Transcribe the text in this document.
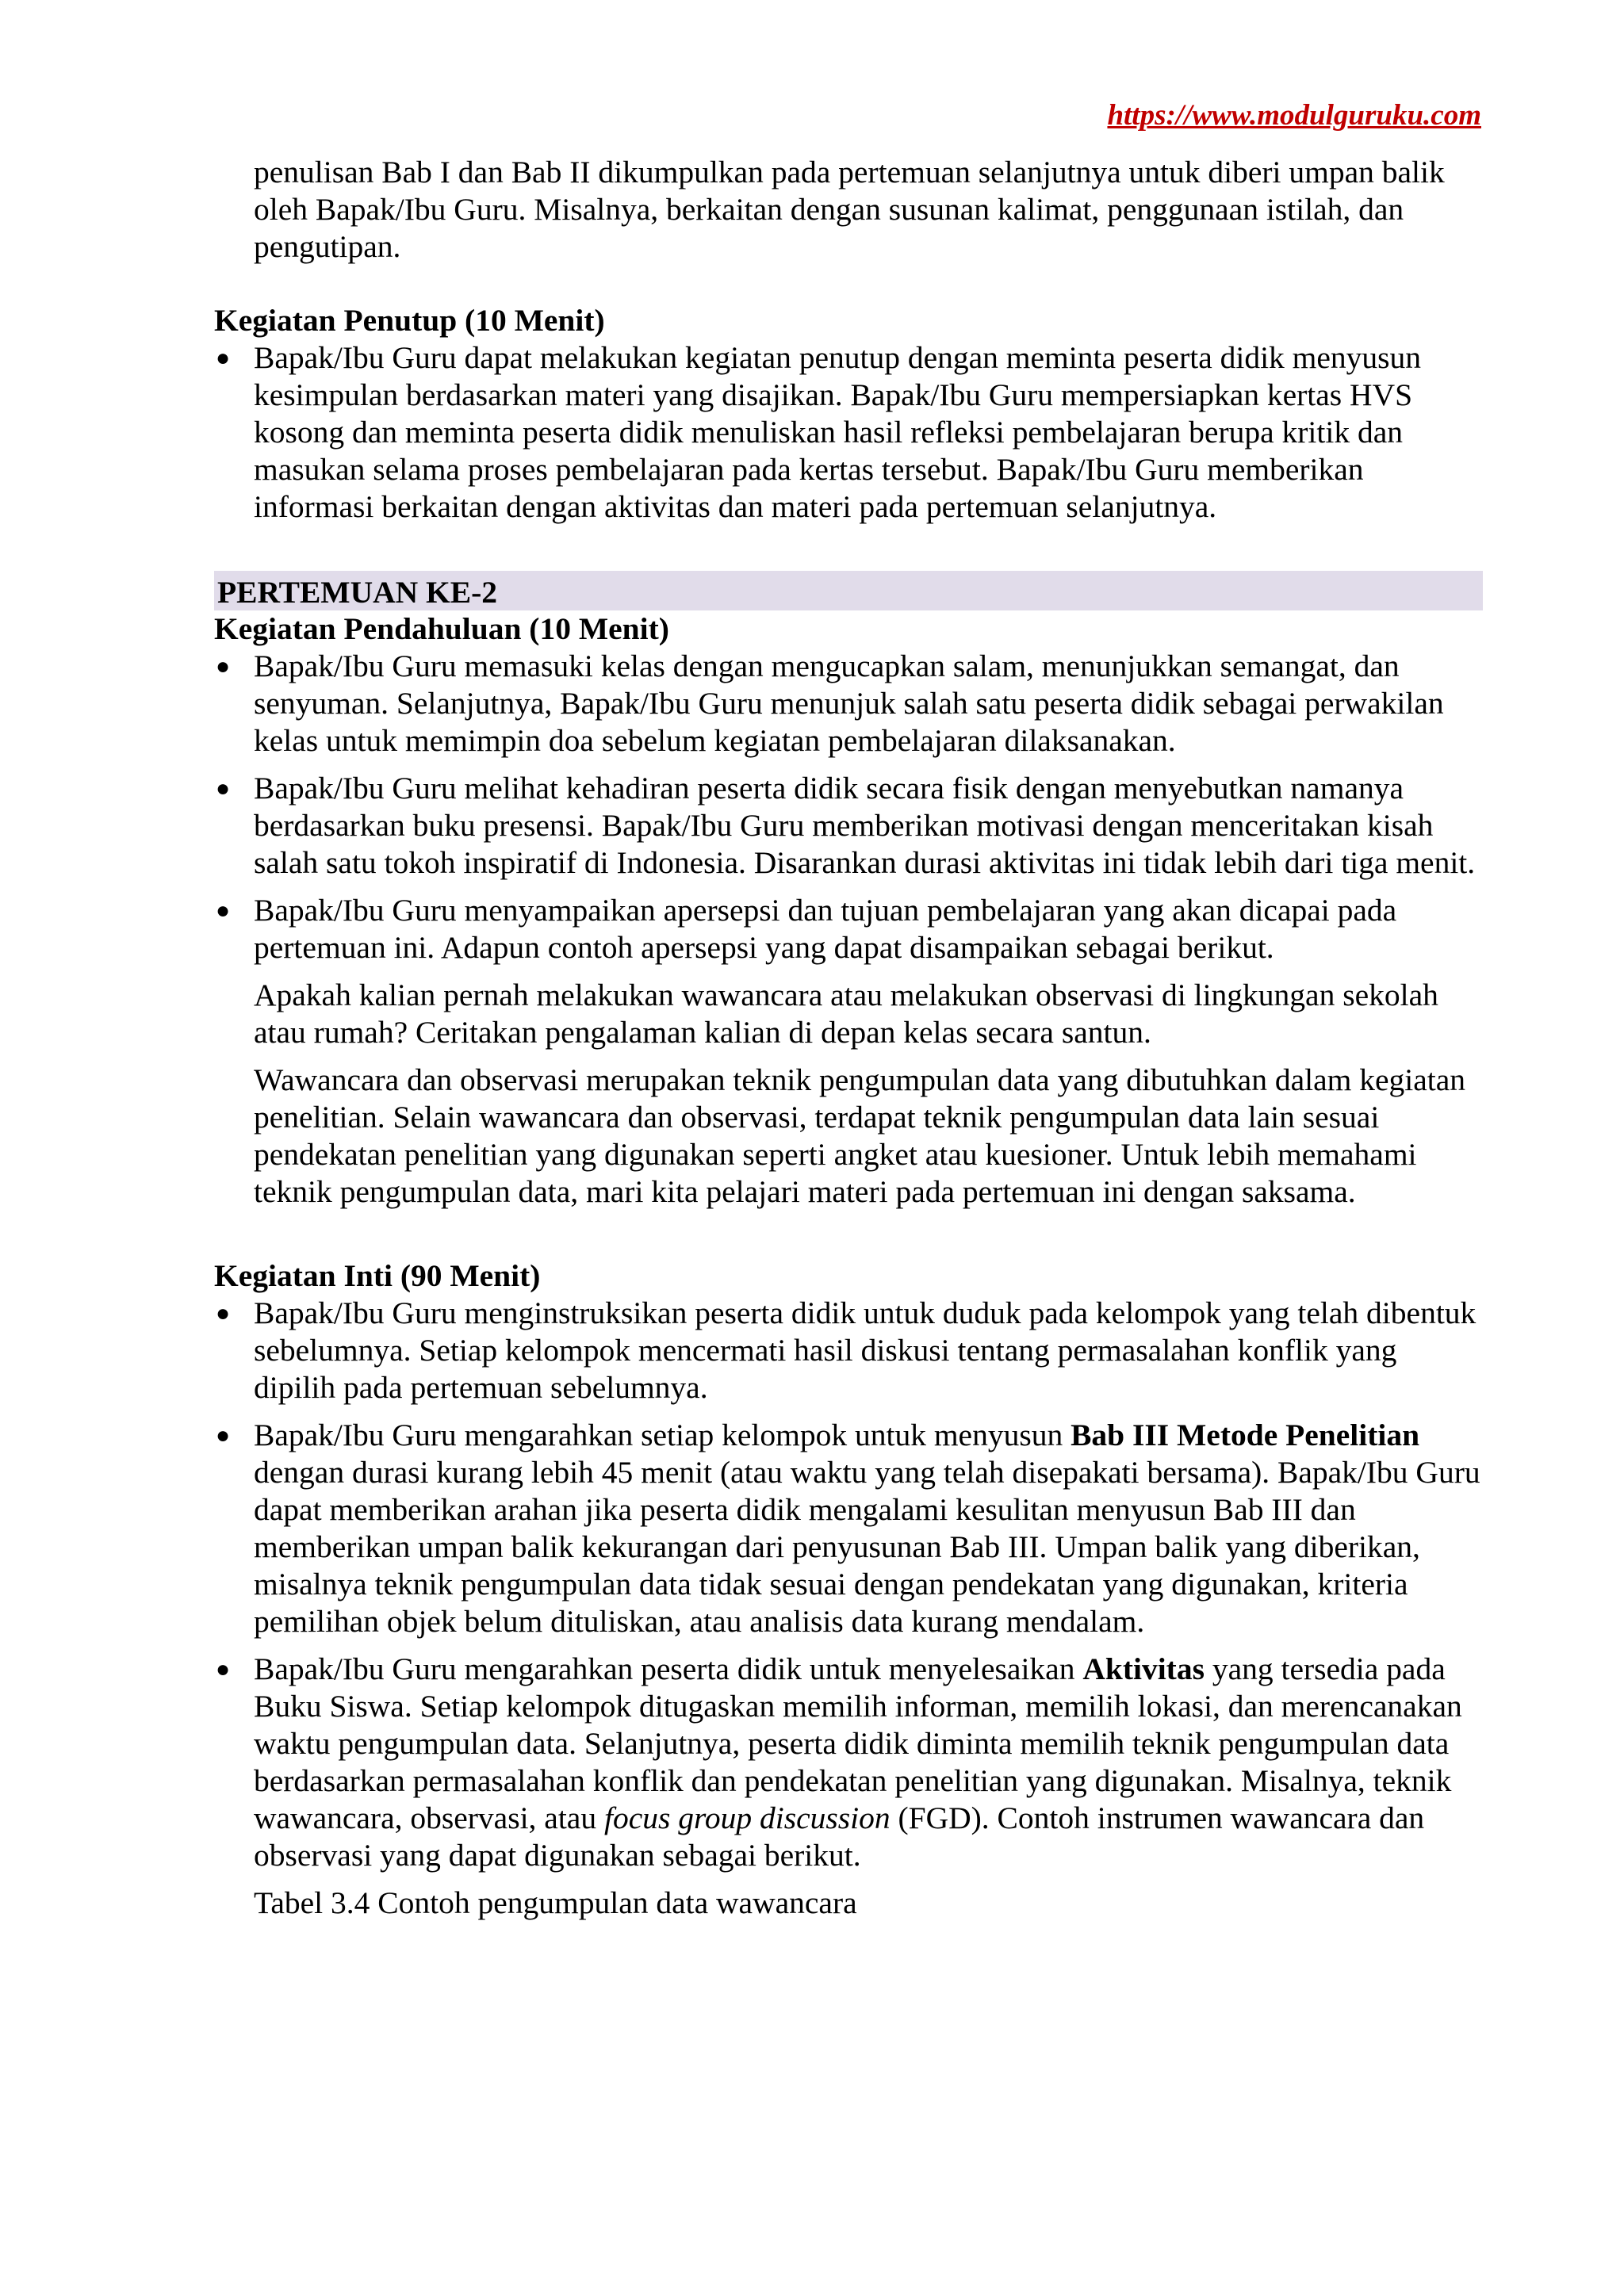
https://www.modulguruku.com
penulisan Bab I dan Bab II dikumpulkan pada pertemuan selanjutnya untuk diberi umpan balik oleh Bapak/Ibu Guru. Misalnya, berkaitan dengan susunan kalimat, penggunaan istilah, dan pengutipan.
Kegiatan Penutup (10 Menit)
● Bapak/Ibu Guru dapat melakukan kegiatan penutup dengan meminta peserta didik menyusun kesimpulan berdasarkan materi yang disajikan. Bapak/Ibu Guru mempersiapkan kertas HVS kosong dan meminta peserta didik menuliskan hasil refleksi pembelajaran berupa kritik dan masukan selama proses pembelajaran pada kertas tersebut. Bapak/Ibu Guru memberikan informasi berkaitan dengan aktivitas dan materi pada pertemuan selanjutnya.
PERTEMUAN KE-2
Kegiatan Pendahuluan (10 Menit)
● Bapak/Ibu Guru memasuki kelas dengan mengucapkan salam, menunjukkan semangat, dan senyuman. Selanjutnya, Bapak/Ibu Guru menunjuk salah satu peserta didik sebagai perwakilan kelas untuk memimpin doa sebelum kegiatan pembelajaran dilaksanakan.
● Bapak/Ibu Guru melihat kehadiran peserta didik secara fisik dengan menyebutkan namanya berdasarkan buku presensi. Bapak/Ibu Guru memberikan motivasi dengan menceritakan kisah salah satu tokoh inspiratif di Indonesia. Disarankan durasi aktivitas ini tidak lebih dari tiga menit.
● Bapak/Ibu Guru menyampaikan apersepsi dan tujuan pembelajaran yang akan dicapai pada pertemuan ini. Adapun contoh apersepsi yang dapat disampaikan sebagai berikut.
Apakah kalian pernah melakukan wawancara atau melakukan observasi di lingkungan sekolah atau rumah? Ceritakan pengalaman kalian di depan kelas secara santun.
Wawancara dan observasi merupakan teknik pengumpulan data yang dibutuhkan dalam kegiatan penelitian. Selain wawancara dan observasi, terdapat teknik pengumpulan data lain sesuai pendekatan penelitian yang digunakan seperti angket atau kuesioner. Untuk lebih memahami teknik pengumpulan data, mari kita pelajari materi pada pertemuan ini dengan saksama.
Kegiatan Inti (90 Menit)
● Bapak/Ibu Guru menginstruksikan peserta didik untuk duduk pada kelompok yang telah dibentuk sebelumnya. Setiap kelompok mencermati hasil diskusi tentang permasalahan konflik yang dipilih pada pertemuan sebelumnya.
● Bapak/Ibu Guru mengarahkan setiap kelompok untuk menyusun Bab III Metode Penelitian dengan durasi kurang lebih 45 menit (atau waktu yang telah disepakati bersama). Bapak/Ibu Guru dapat memberikan arahan jika peserta didik mengalami kesulitan menyusun Bab III dan memberikan umpan balik kekurangan dari penyusunan Bab III. Umpan balik yang diberikan, misalnya teknik pengumpulan data tidak sesuai dengan pendekatan yang digunakan, kriteria pemilihan objek belum dituliskan, atau analisis data kurang mendalam.
● Bapak/Ibu Guru mengarahkan peserta didik untuk menyelesaikan Aktivitas yang tersedia pada Buku Siswa. Setiap kelompok ditugaskan memilih informan, memilih lokasi, dan merencanakan waktu pengumpulan data. Selanjutnya, peserta didik diminta memilih teknik pengumpulan data berdasarkan permasalahan konflik dan pendekatan penelitian yang digunakan. Misalnya, teknik wawancara, observasi, atau focus group discussion (FGD). Contoh instrumen wawancara dan observasi yang dapat digunakan sebagai berikut.
Tabel 3.4 Contoh pengumpulan data wawancara
